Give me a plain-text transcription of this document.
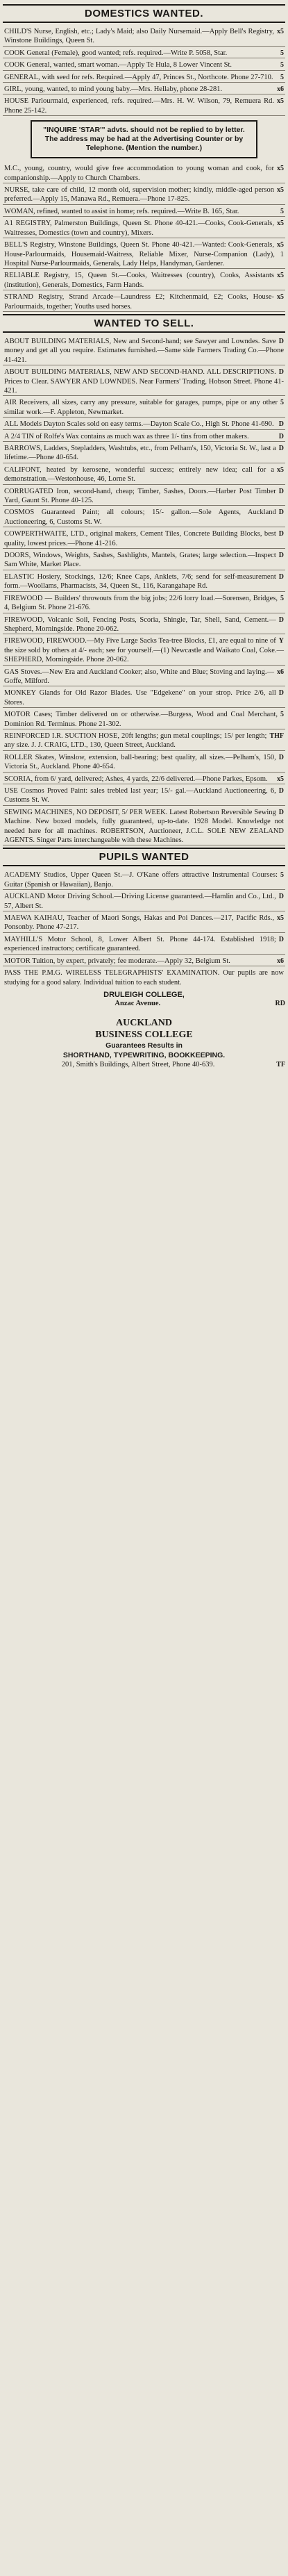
DOMESTICS WANTED.
x5
CHILD'S Nurse, English, etc.; Lady's Maid; also Daily Nursemaid.—Apply Bell's Registry, Winstone Buildings, Queen St.
5
COOK General (Female), good wanted; refs. required.—Write P. 5058, Star.
5
COOK General, wanted, smart woman.—Apply Te Hula, 8 Lower Vincent St.
5
GENERAL, with seed for refs. Required.—Apply 47, Princes St., Northcote. Phone 27-710.
x6
GIRL, young, wanted, to mind young baby.—Mrs. Hellaby, phone 28-281.
x5
HOUSE Parlourmaid, experienced, refs. required.—Mrs. H. W. Wilson, 79, Remuera Rd. Phone 25-142.
"INQUIRE 'STAR'" advts. should not be replied to by letter. The address may be had at the Advertising Counter or by Telephone. (Mention the number.)
x5
M.C., young, country, would give free accommodation to young woman and cook, for companionship.—Apply to Church Chambers.
x5
NURSE, take care of child, 12 month old, supervision mother; kindly, middle-aged person preferred.—Apply 15, Manawa Rd., Remuera.—Phone 17-825.
5
WOMAN, refined, wanted to assist in home; refs. required.—Write B. 165, Star.
x5
A1 REGISTRY, Palmerston Buildings, Queen St. Phone 40-421.—Cooks, Cook-Generals, Waitresses, Domestics (town and country), Mixers.
x5
BELL'S Registry, Winstone Buildings, Queen St. Phone 40-421.—Wanted: Cook-Generals, House-Parlourmaids, Housemaid-Waitress, Reliable Mixer, Nurse-Companion (Lady), 1 Hospital Nurse-Parlourmaids, Generals, Lady Helps, Handyman, Gardener.
x5
RELIABLE Registry, 15, Queen St.—Cooks, Waitresses (country), Cooks, Assistants (institution), Generals, Domestics, Farm Hands.
x5
STRAND Registry, Strand Arcade—Laundress £2; Kitchenmaid, £2; Cooks, House-Parlourmaids, together; Youths used horses.
WANTED TO SELL.
D
ABOUT BUILDING MATERIALS, New and Second-hand; see Sawyer and Lowndes. Save money and get all you require. Estimates furnished.—Same side Farmers Trading Co.—Phone 41-421.
D
ABOUT BUILDING MATERIALS, NEW AND SECOND-HAND. ALL DESCRIPTIONS. Prices to Clear. SAWYER AND LOWNDES. Near Farmers' Trading, Hobson Street. Phone 41-421.
5
AIR Receivers, all sizes, carry any pressure, suitable for garages, pumps, pipe or any other similar work.—F. Appleton, Newmarket.
D
ALL Models Dayton Scales sold on easy terms.—Dayton Scale Co., High St. Phone 41-690.
D
A 2/4 TIN of Rolfe's Wax contains as much wax as three 1/- tins from other makers.
D
BARROWS, Ladders, Stepladders, Washtubs, etc., from Pelham's, 150, Victoria St. W., last a lifetime.—Phone 40-654.
x5
CALIFONT, heated by kerosene, wonderful success; entirely new idea; call for a demonstration.—Westonhouse, 46, Lorne St.
D
CORRUGATED Iron, second-hand, cheap; Timber, Sashes, Doors.—Harber Post Timber Yard, Gaunt St. Phone 40-125.
D
COSMOS Guaranteed Paint; all colours; 15/- gallon.—Sole Agents, Auckland Auctioneering, 6, Customs St. W.
D
COWPERTHWAITE, LTD., original makers, Cement Tiles, Concrete Building Blocks, best quality, lowest prices.—Phone 41-216.
D
DOORS, Windows, Weights, Sashes, Sashlights, Mantels, Grates; large selection.—Inspect Sam White, Market Place.
D
ELASTIC Hosiery, Stockings, 12/6; Knee Caps, Anklets, 7/6; send for self-measurement form.—Woollams, Pharmacists, 34, Queen St., 116, Karangahape Rd.
5
FIREWOOD — Builders' throwouts from the big jobs; 22/6 lorry load.—Sorensen, Bridges, 4, Belgium St. Phone 21-676.
D
FIREWOOD, Volcanic Soil, Fencing Posts, Scoria, Shingle, Tar, Shell, Sand, Cement.—Shepherd, Morningside. Phone 20-062.
Y
FIREWOOD, FIREWOOD.—My Five Large Sacks Tea-tree Blocks, £1, are equal to nine of the size sold by others at 4/- each; see for yourself.—(1) Newcastle and Waikato Coal, Coke.—SHEPHERD, Morningside. Phone 20-062.
x6
GAS Stoves.—New Era and Auckland Cooker; also, White and Blue; Stoving and laying.—Goffe, Milford.
D
MONKEY Glands for Old Razor Blades. Use "Edgekene" on your strop. Price 2/6, all Stores.
5
MOTOR Cases; Timber delivered on or otherwise.—Burgess, Wood and Coal Merchant, Dominion Rd. Terminus. Phone 21-302.
THF
REINFORCED I.R. SUCTION HOSE, 20ft lengths; gun metal couplings; 15/ per length; any size. J. J. CRAIG, LTD., 130, Queen Street, Auckland.
D
ROLLER Skates, Winslow, extension, ball-bearing; best quality, all sizes.—Pelham's, 150, Victoria St., Auckland. Phone 40-654.
x5
SCORIA, from 6/ yard, delivered; Ashes, 4 yards, 22/6 delivered.—Phone Parkes, Epsom.
D
USE Cosmos Proved Paint: sales trebled last year; 15/- gal.—Auckland Auctioneering, 6, Customs St. W.
D
SEWING MACHINES, NO DEPOSIT, 5/ PER WEEK. Latest Robertson Reversible Sewing Machine. New boxed models, fully guaranteed, up-to-date. 1928 Model. Knowledge not needed here for all machines. ROBERTSON, Auctioneer, J.C.L. SOLE NEW ZEALAND AGENTS. Singer Parts interchangeable with these Machines.
PUPILS WANTED
5
ACADEMY Studios, Upper Queen St.—J. O'Kane offers attractive Instrumental Courses: Guitar (Spanish or Hawaiian), Banjo.
D
AUCKLAND Motor Driving School.—Driving License guaranteed.—Hamlin and Co., Ltd., 57, Albert St.
x5
MAEWA KAIHAU, Teacher of Maori Songs, Hakas and Poi Dances.—217, Pacific Rds., Ponsonby. Phone 47-217.
D
MAYHILL'S Motor School, 8, Lower Albert St. Phone 44-174. Established 1918; experienced instructors; certificate guaranteed.
x6
MOTOR Tuition, by expert, privately; fee moderate.—Apply 32, Belgium St.
PASS THE P.M.G. WIRELESS TELEGRAPHISTS' EXAMINATION. Our pupils are now studying for a good salary. Individual tuition to each student.
DRULEIGH COLLEGE,
Anzac Avenue.	RD
AUCKLAND
BUSINESS COLLEGE
Guarantees Results in
SHORTHAND, TYPEWRITING, BOOKKEEPING.
201, Smith's Buildings, Albert Street, Phone 40-639.	TF
